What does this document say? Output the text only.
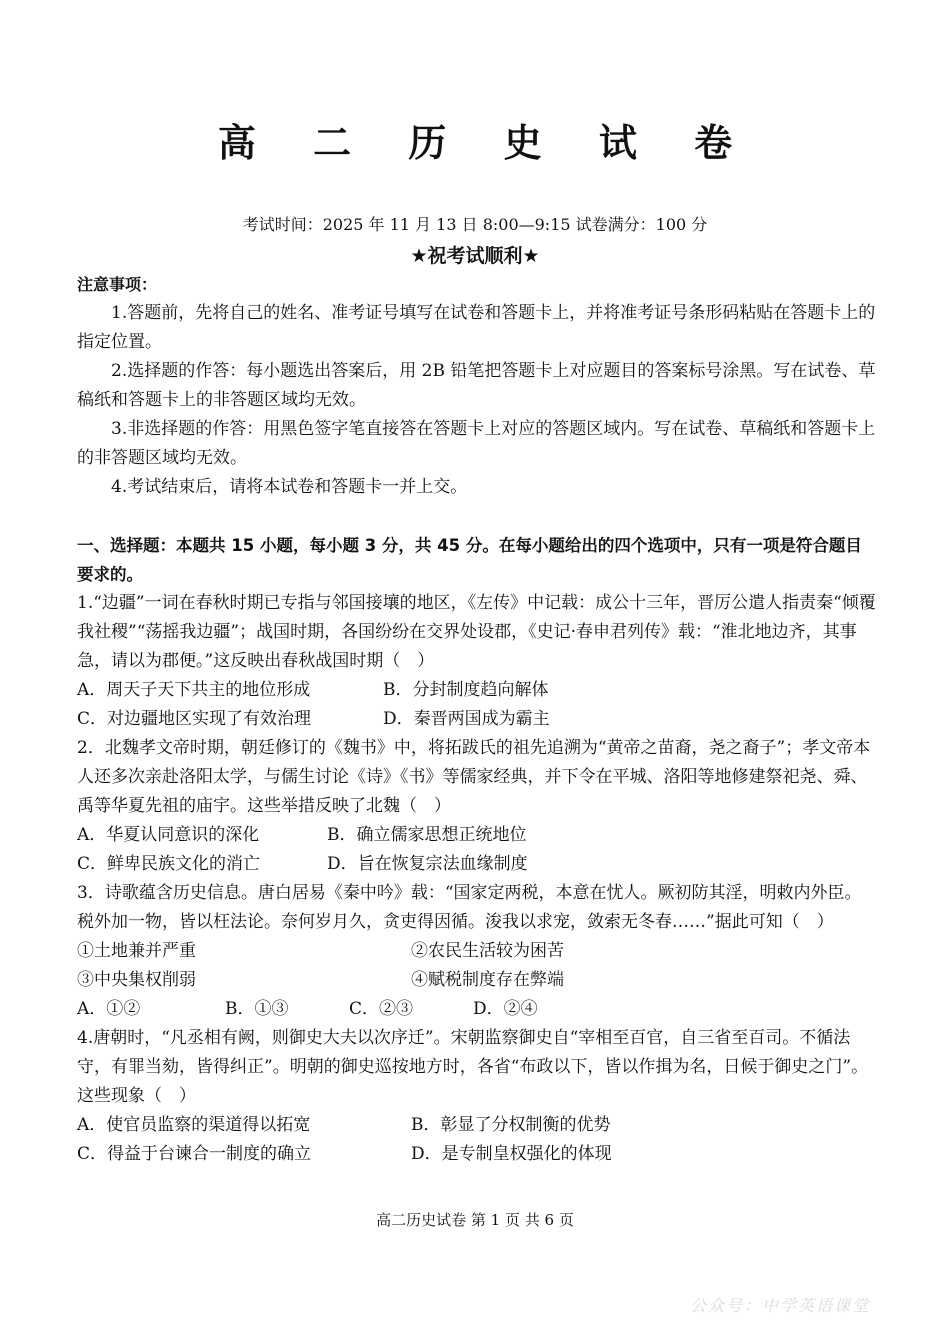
高 二 历 史 试 卷
考试时间：2025 年 11 月 13 日 8:00—9:15 试卷满分：100 分
★祝考试顺利★
注意事项：

1.答题前，先将自己的姓名、准考证号填写在试卷和答题卡上，并将准考证号条形码粘贴在答题卡上的指定位置。

2.选择题的作答：每小题选出答案后，用 2B 铅笔把答题卡上对应题目的答案标号涂黑。写在试卷、草稿纸和答题卡上的非答题区域均无效。

3.非选择题的作答：用黑色签字笔直接答在答题卡上对应的答题区域内。写在试卷、草稿纸和答题卡上的非答题区域均无效。

4.考试结束后，请将本试卷和答题卡一并上交。

一、选择题：本题共 15 小题，每小题 3 分，共 45 分。在每小题给出的四个选项中，只有一项是符合题目要求的。

1.“边疆”一词在春秋时期已专指与邻国接壤的地区，《左传》中记载：成公十三年，晋厉公遣人指责秦“倾覆我社稷”“荡摇我边疆”；战国时期，各国纷纷在交界处设郡，《史记·春申君列传》载：“淮北地边齐，其事急，请以为郡便。”这反映出春秋战国时期（　）

A．周天子天下共主的地位形成	B．分封制度趋向解体
C．对边疆地区实现了有效治理	D．秦晋两国成为霸主

2．北魏孝文帝时期，朝廷修订的《魏书》中，将拓跋氏的祖先追溯为“黄帝之苗裔，尧之裔子”；孝文帝本人还多次亲赴洛阳太学，与儒生讨论《诗》《书》等儒家经典，并下令在平城、洛阳等地修建祭祀尧、舜、禹等华夏先祖的庙宇。这些举措反映了北魏（　）

A．华夏认同意识的深化	B．确立儒家思想正统地位
C．鲜卑民族文化的消亡	D．旨在恢复宗法血缘制度

3．诗歌蕴含历史信息。唐白居易《秦中吟》载：“国家定两税，本意在忧人。厥初防其淫，明敕内外臣。税外加一物，皆以枉法论。奈何岁月久，贪吏得因循。浚我以求宠，敛索无冬春……”据此可知（　）

①土地兼并严重	②农民生活较为困苦
③中央集权削弱	④赋税制度存在弊端
A．①②	B．①③	C．②③	D．②④

4.唐朝时，“凡丞相有阙，则御史大夫以次序迁”。宋朝监察御史自“宰相至百官，自三省至百司。不循法守，有罪当劾，皆得纠正”。明朝的御史巡按地方时，各省“布政以下，皆以作揖为名，日候于御史之门”。这些现象（　）

A．使官员监察的渠道得以拓宽	B．彰显了分权制衡的优势
C．得益于台谏合一制度的确立	D．是专制皇权强化的体现
高二历史试卷 第 1 页 共 6 页
公众号：中学英语课堂
